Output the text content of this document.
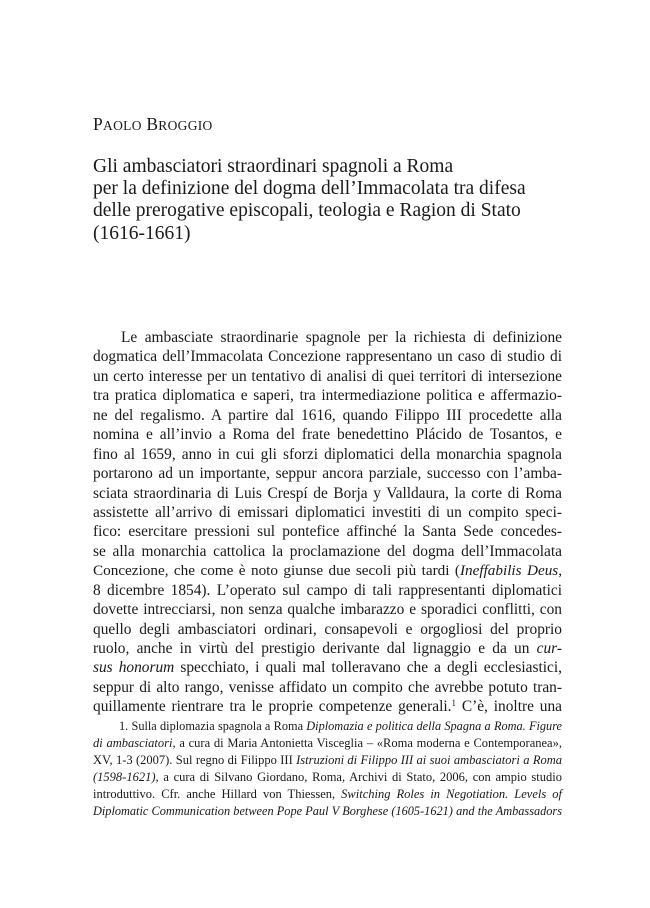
PAOLO BROGGIO
Gli ambasciatori straordinari spagnoli a Roma
per la definizione del dogma dell’Immacolata tra difesa
delle prerogative episcopali, teologia e Ragion di Stato
(1616-1661)
Le ambasciate straordinarie spagnole per la richiesta di definizione
dogmatica dell’Immacolata Concezione rappresentano un caso di studio di
un certo interesse per un tentativo di analisi di quei territori di intersezione
tra pratica diplomatica e saperi, tra intermediazione politica e affermazio-
ne del regalismo. A partire dal 1616, quando Filippo III procedette alla
nomina e all’invio a Roma del frate benedettino Plácido de Tosantos, e
fino al 1659, anno in cui gli sforzi diplomatici della monarchia spagnola
portarono ad un importante, seppur ancora parziale, successo con l’amba-
sciata straordinaria di Luis Crespí de Borja y Valldaura, la corte di Roma
assistette all’arrivo di emissari diplomatici investiti di un compito speci-
fico: esercitare pressioni sul pontefice affinché la Santa Sede concedes-
se alla monarchia cattolica la proclamazione del dogma dell’Immacolata
Concezione, che come è noto giunse due secoli più tardi (Ineffabilis Deus,
8 dicembre 1854). L’operato sul campo di tali rappresentanti diplomatici
dovette intrecciarsi, non senza qualche imbarazzo e sporadici conflitti, con
quello degli ambasciatori ordinari, consapevoli e orgogliosi del proprio
ruolo, anche in virtù del prestigio derivante dal lignaggio e da un cur-
sus honorum specchiato, i quali mal tolleravano che a degli ecclesiastici,
seppur di alto rango, venisse affidato un compito che avrebbe potuto tran-
quillamente rientrare tra le proprie competenze generali.$^1$ C’è, inoltre una
1. Sulla diplomazia spagnola a Roma Diplomazia e politica della Spagna a Roma. Figure
di ambasciatori, a cura di Maria Antonietta Visceglia – «Roma moderna e Contemporanea»,
XV, 1-3 (2007). Sul regno di Filippo III Istruzioni di Filippo III ai suoi ambasciatori a Roma
(1598-1621), a cura di Silvano Giordano, Roma, Archivi di Stato, 2006, con ampio studio
introduttivo. Cfr. anche Hillard von Thiessen, Switching Roles in Negotiation. Levels of
Diplomatic Communication between Pope Paul V Borghese (1605-1621) and the Ambassadors
